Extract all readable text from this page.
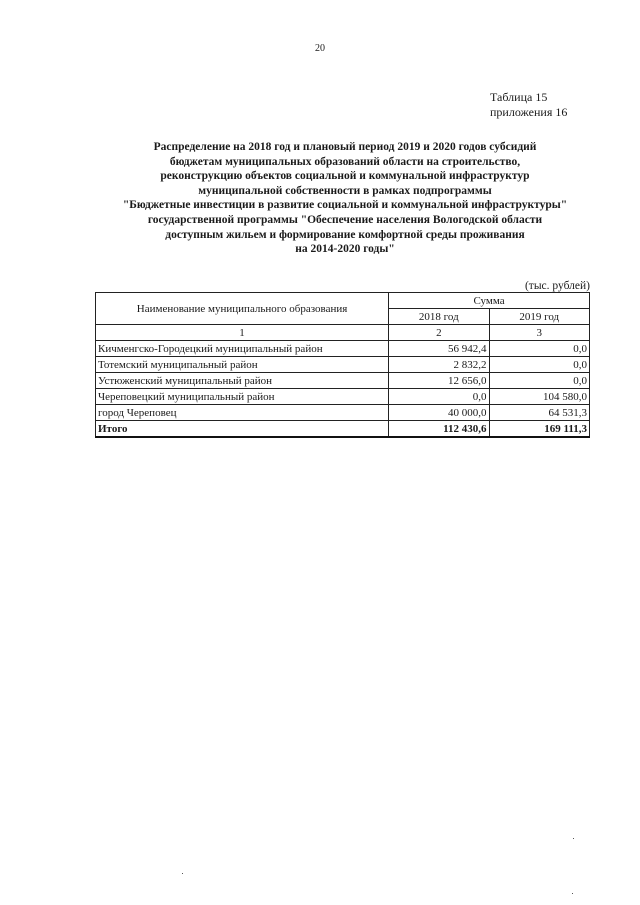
20
Таблица 15
приложения 16
Распределение на 2018 год и плановый период 2019 и 2020 годов субсидий
бюджетам муниципальных образований области на строительство,
реконструкцию объектов социальной и коммунальной инфраструктур
муниципальной собственности в рамках подпрограммы
"Бюджетные инвестиции в развитие социальной и коммунальной инфраструктуры"
государственной программы "Обеспечение населения Вологодской области
доступным жильем и формирование комфортной среды проживания
на 2014-2020 годы"
(тыс. рублей)
Наименование муниципального образования	Сумма	
	2018 год	2019 год
1	2	3
Кичменгско-Городецкий муниципальный район	56 942,4	0,0
Тотемский муниципальный район	2 832,2	0,0
Устюженский муниципальный район	12 656,0	0,0
Череповецкий муниципальный район	0,0	104 580,0
город Череповец	40 000,0	64 531,3
Итого	112 430,6	169 111,3
